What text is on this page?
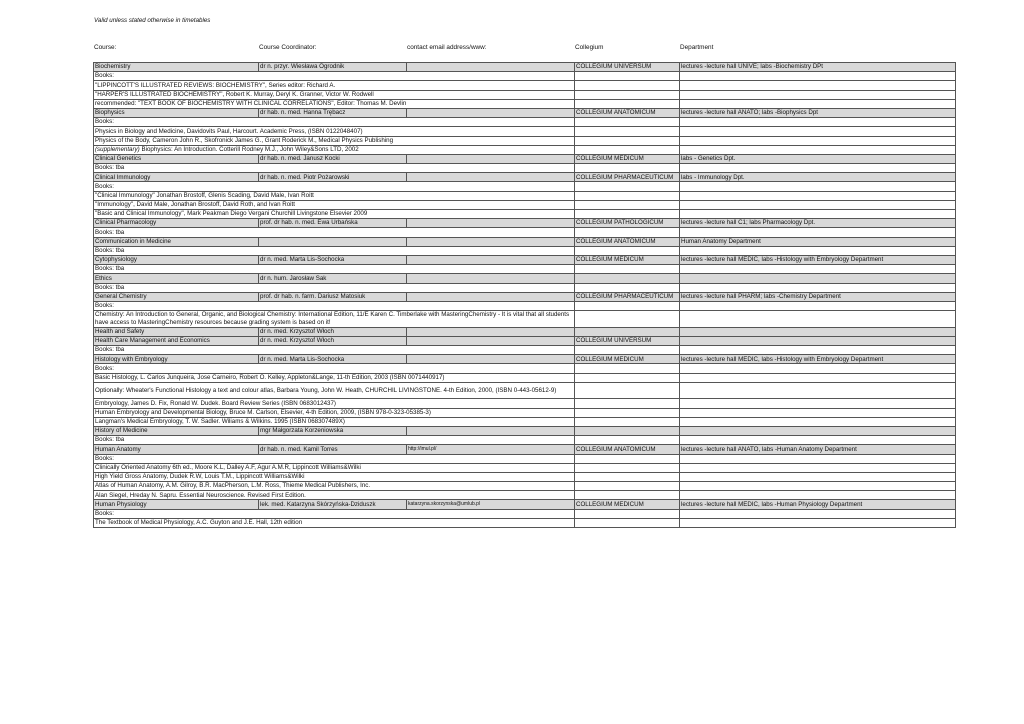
Valid unless stated otherwise in timetables
Course:	Course Coordinator:	contact email address/www:	Collegium	Department
Biochemistry	dr n. przyr. Wiesława Ogrodnik		COLLEGIUM UNIVERSUM	lectures -lecture hall UNIVE; labs -Biochemistry DPt
Books:				
"LIPPINCOTT'S ILLUSTRATED REVIEWS: BIOCHEMISTRY", Series editor: Richard A.				
"HARPER'S ILLUSTRATED BIOCHEMISTRY", Robert K. Murray, Deryl K. Granner, Victor W. Rodwell				
recommended: "TEXT BOOK OF BIOCHEMISTRY WITH CLINICAL CORRELATIONS", Editor: Thomas M. Devlin				
Biophysics	dr hab. n. med. Hanna Trębacz		COLLEGIUM ANATOMICUM	lectures -lecture hall ANATO; labs -Biophysics Dpt
Books:				
Physics in Biology and Medicine, Davidovits Paul, Harcourt. Academic Press, (ISBN 0122048407)				
Physics of the Body, Cameron John R., Skofronick James G., Grant Roderick M., Medical Physics Publishing				
(supplementary) Biophysics: An Introduction. Cotterill Rodney M.J., John Wiley&Sons LTD, 2002				
Clinical Genetics	dr hab. n. med. Janusz Kocki		COLLEGIUM MEDICUM	labs - Genetics Dpt.
Books: tba				
Clinical Immunology	dr hab. n. med. Piotr Pożarowski		COLLEGIUM PHARMACEUTICUM	labs - Immunology Dpt.
Books:				
"Clinical Immunology" Jonathan Brostoff, Glenis Scading, David Male, Ivan Roitt				
"Immunology", David Male, Jonathan Brostoff, David Roth, and Ivan Roitt				
"Basic and Clinical Immunology", Mark Peakman Diego Vergani Churchill Livingstone Elsevier 2009				
Clinical Pharmacology	prof. dr hab. n. med. Ewa Urbańska		COLLEGIUM PATHOLOGICUM	lectures -lecture hall C1; labs Pharmacology Dpt.
Books: tba				
Communication in Medicine			COLLEGIUM ANATOMICUM	Human Anatomy Department
Books: tba				
Cytophysiology	dr n. med. Marta Lis-Sochocka		COLLEGIUM MEDICUM	lectures -lecture hall MEDIC, labs -Histology with Embryology Department
Books: tba				
Ethics	dr n. hum. Jarosław Sak			
Books: tba				
General Chemistry	prof. dr hab. n. farm. Dariusz Matosiuk		COLLEGIUM PHARMACEUTICUM	lectures -lecture hall PHARM; labs -Chemistry Department
Books:				
Chemistry: An Introduction to General, Organic, and Biological Chemistry: International Edition, 11/E Karen C. Timberlake with MasteringChemistry - It is vital that all students have access to MasteringChemistry resources because grading system is based on it!				
Health and Safety	dr n. med. Krzysztof Włoch			
Health Care Management and Economics	dr n. med. Krzysztof Włoch		COLLEGIUM UNIVERSUM	
Books: tba				
Histology with Embryology	dr n. med. Marta Lis-Sochocka		COLLEGIUM MEDICUM	lectures -lecture hall MEDIC, labs -Histology with Embryology Department
Books:				
Basic Histology, L. Carlos Junqueira, Jose Carneiro, Robert O. Kelley, Appleton&Lange, 11-th Edition, 2003 (ISBN 0071440917)				
Optionally: Wheater's Functional Histology a text and colour atlas, Barbara Young, John W. Heath, CHURCHIL LIVINGSTONE. 4-th Edition, 2000, (ISBN 0-443-05612-9)				
Embryology, James D. Fix, Ronald W. Dudek. Board Review Series (ISBN 0683012437)				
Human Embryology and Developmental Biology, Bruce M. Carlson, Elsevier, 4-th Edition, 2009, (ISBN 978-0-323-05385-3)				
Langman's Medical Embryology, T. W. Sadler. Wiliams & Wilkins. 1995 (ISBN 068307489X)				
History of Medicine	mgr Małgorzata Korzeniowska			
Books: tba				
Human Anatomy	dr hab. n. med. Kamil Torres	http://imul.pl/	COLLEGIUM ANATOMICUM	lectures -lecture hall ANATO, labs -Human Anatomy Department
Books:				
Clinically Oriented Anatomy 6th ed., Moore K.L, Dalley A.F, Agur A.M.R, Lippincott Williams&Wilki				
High Yield Gross Anatomy, Dudek R.W, Louis T.M., Lippincott Williams&Wilki				
Atlas of Human Anatomy, A.M. Gilroy, B.R. MacPherson, L.M. Ross, Thieme Medical Publishers, Inc.				
Alan Siegel, Hreday N. Sapru. Essential Neuroscience. Revised First Edition.				
Human Physiology	lek. med. Katarzyna Skórzyńska-Dziduszk	katarzyna.skorzynska@umlub.pl	COLLEGIUM MEDICUM	lectures -lecture hall MEDIC, labs -Human Physiology Department
Books:				
The Textbook of Medical Physiology, A.C. Guyton and J.E. Hall, 12th edition				
